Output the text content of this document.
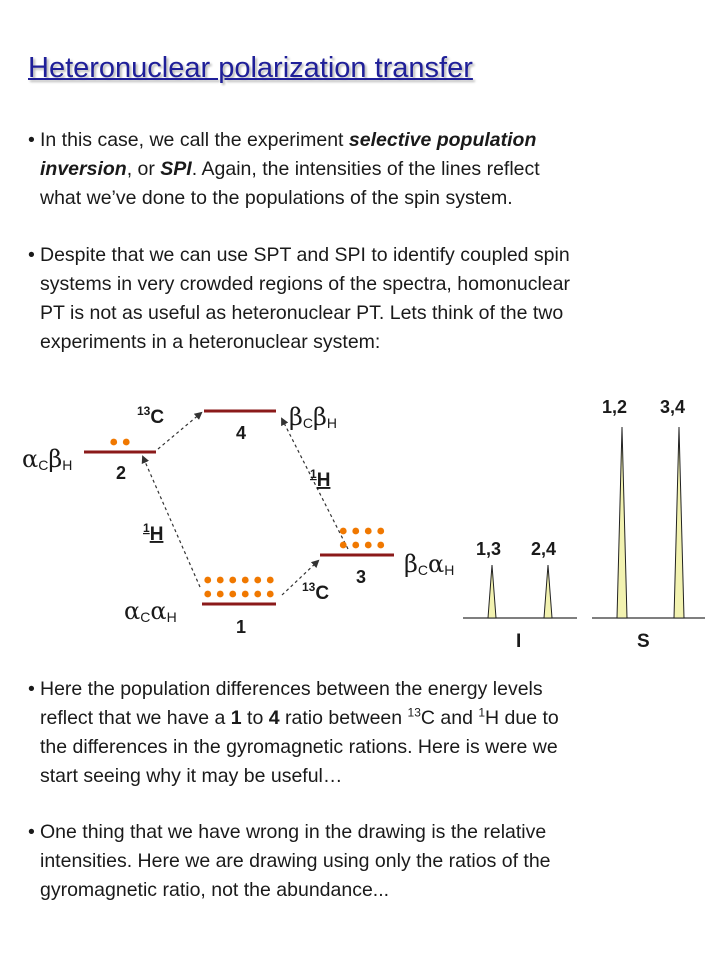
Heteronuclear polarization transfer
• In this case, we call the experiment selective population
inversion, or SPI. Again, the intensities of the lines reflect
what we’ve done to the populations of the spin system.
• Despite that we can use SPT and SPI to identify coupled spin
systems in very crowded regions of the spectra, homonuclear
PT is not as useful as heteronuclear PT. Lets think of the two
experiments in a heteronuclear system:
4
2
3
1
αCβH
βCβH
βCαH
αCαH
$^{13}$C
$^1$H
$^1$H
$^{13}$C
1,3 2,4
I
1,2 3,4
S
• Here the population differences between the energy levels
reflect that we have a 1 to 4 ratio between $^{13}$C and $^1$H due to
the differences in the gyromagnetic rations. Here is were we
start seeing why it may be useful…
• One thing that we have wrong in the drawing is the relative
intensities. Here we are drawing using only the ratios of the
gyromagnetic ratio, not the abundance...
